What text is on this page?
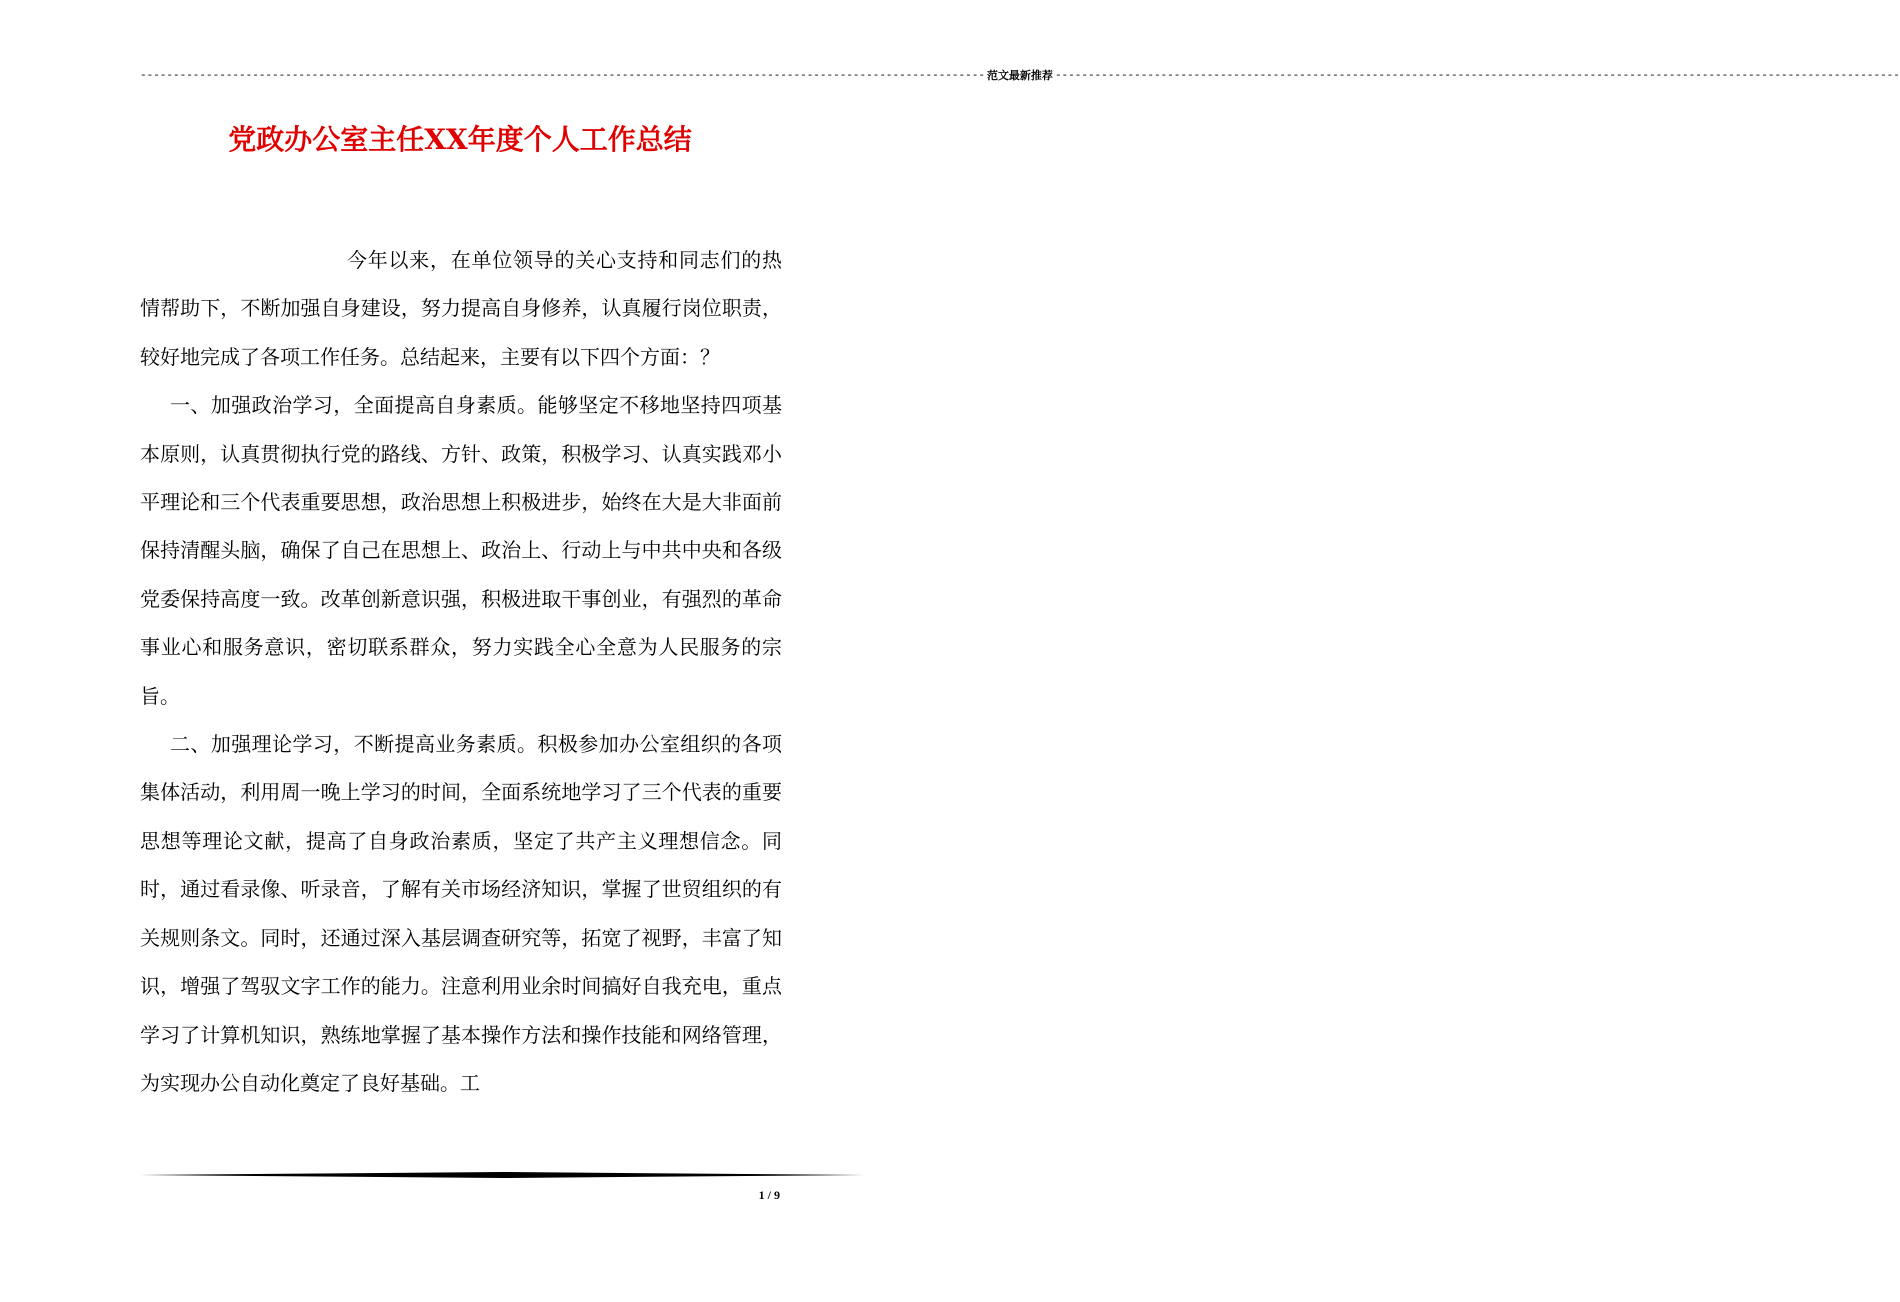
-------------------------------------------------------------------------------------------------------------------------------- 范文最新推荐 --------------------------------------------------------------------------------------------------------------------------------
党政办公室主任XX年度个人工作总结

今年以来，在单位领导的关心支持和同志们的热情帮助下，不断加强自身建设，努力提高自身修养，认真履行岗位职责，较好地完成了各项工作任务。总结起来，主要有以下四个方面：？

一、加强政治学习，全面提高自身素质。能够坚定不移地坚持四项基本原则，认真贯彻执行党的路线、方针、政策，积极学习、认真实践邓小平理论和三个代表重要思想，政治思想上积极进步，始终在大是大非面前保持清醒头脑，确保了自己在思想上、政治上、行动上与中共中央和各级党委保持高度一致。改革创新意识强，积极进取干事创业，有强烈的革命事业心和服务意识，密切联系群众，努力实践全心全意为人民服务的宗旨。

二、加强理论学习，不断提高业务素质。积极参加办公室组织的各项集体活动，利用周一晚上学习的时间，全面系统地学习了三个代表的重要思想等理论文献，提高了自身政治素质，坚定了共产主义理想信念。同时，通过看录像、听录音，了解有关市场经济知识，掌握了世贸组织的有关规则条文。同时，还通过深入基层调查研究等，拓宽了视野，丰富了知识，增强了驾驭文字工作的能力。注意利用业余时间搞好自我充电，重点学习了计算机知识，熟练地掌握了基本操作方法和操作技能和网络管理，为实现办公自动化奠定了良好基础。工

1 / 9
